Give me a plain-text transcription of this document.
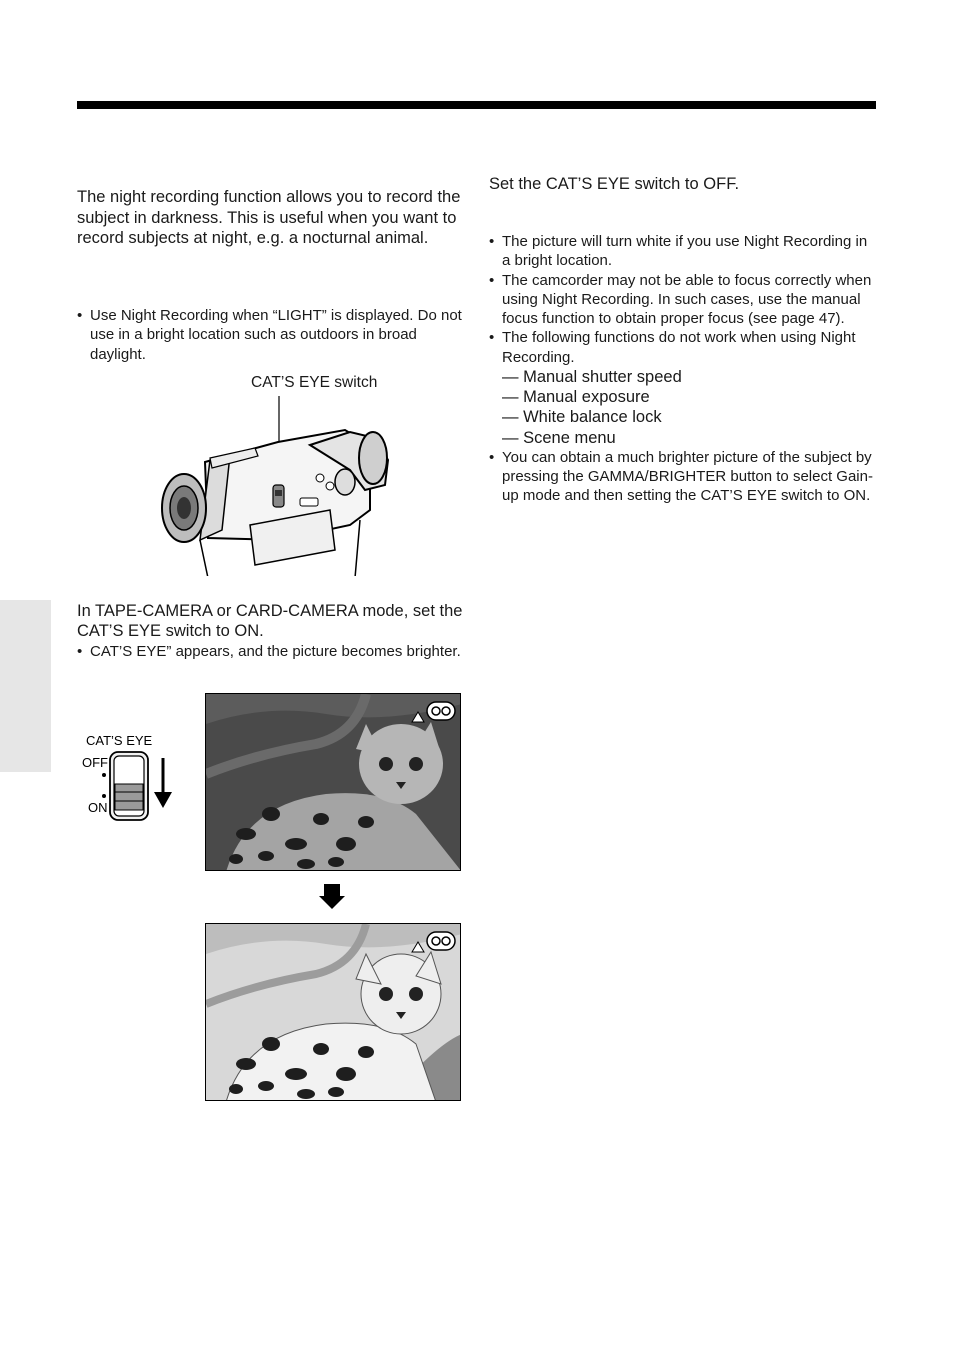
The night recording function allows you to record the subject in darkness. This is useful when you want to record subjects at night, e.g. a nocturnal animal.

• Use Night Recording when “LIGHT” is displayed. Do not use in a bright location such as outdoors in broad daylight.
CAT’S EYE switch

In TAPE-CAMERA or CARD-CAMERA mode, set the CAT’S EYE switch to ON.

• CAT’S EYE” appears, and the picture becomes brighter.
CAT’S EYE
OFF
ON
Set the CAT’S EYE switch to OFF.
• The picture will turn white if you use Night Recording in a bright location.
• The camcorder may not be able to focus correctly when using Night Recording. In such cases, use the manual focus function to obtain proper focus (see page 47).
• The following functions do not work when using Night Recording.
— Manual shutter speed
— Manual exposure
— White balance lock
— Scene menu
• You can obtain a much brighter picture of the subject by pressing the GAMMA/BRIGHTER button to select Gain-up mode and then setting the CAT’S EYE switch to ON.
